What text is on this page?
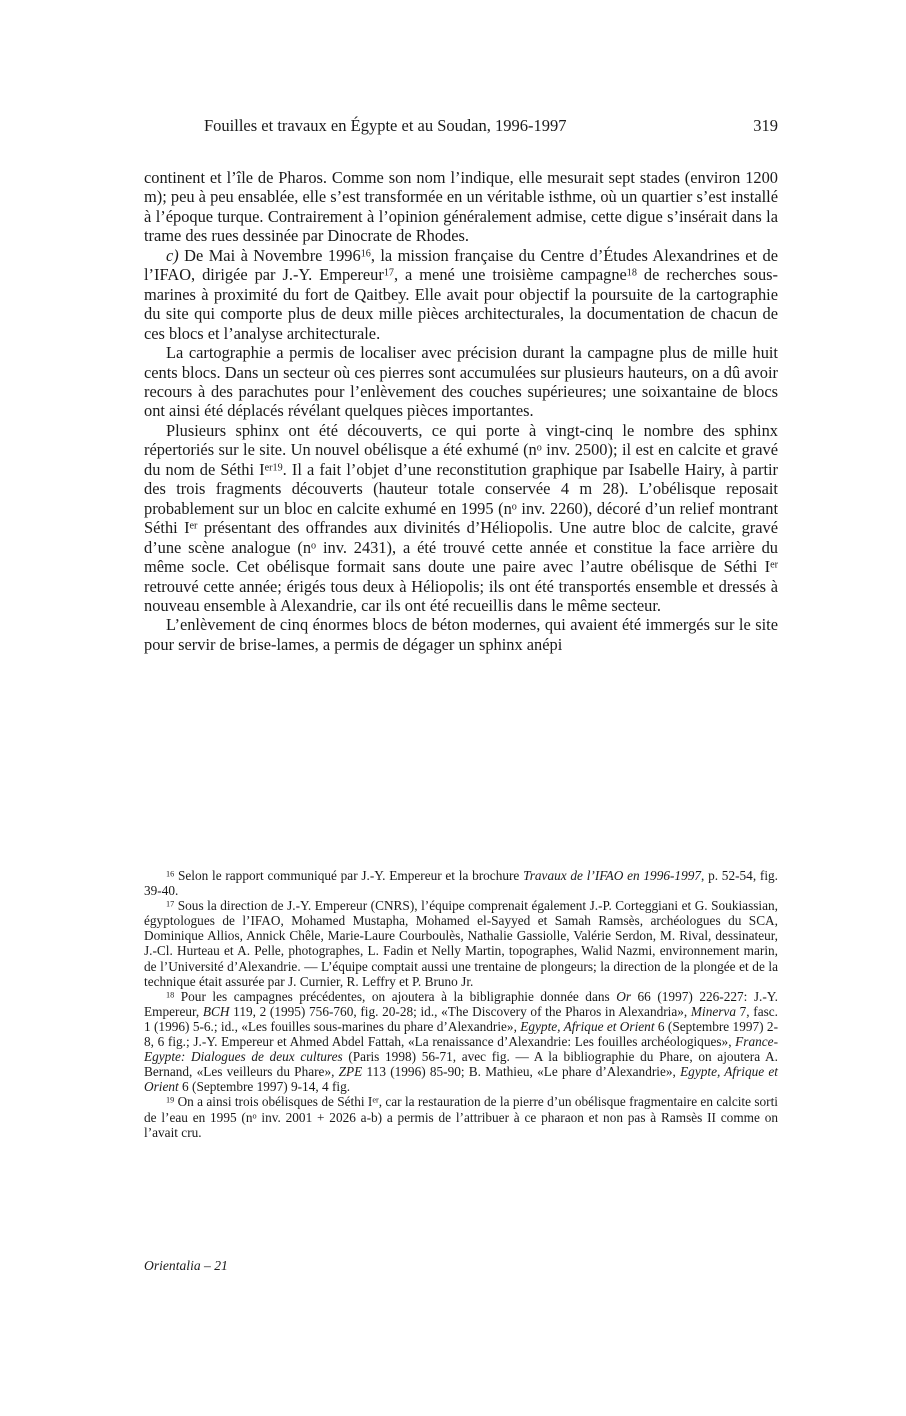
Fouilles et travaux en Égypte et au Soudan, 1996-1997	319

continent et l’île de Pharos. Comme son nom l’indique, elle mesurait sept stades (environ 1200 m); peu à peu ensablée, elle s’est transformée en un véritable isthme, où un quartier s’est installé à l’époque turque. Contrairement à l’opinion généralement admise, cette digue s’insérait dans la trame des rues dessinée par Dinocrate de Rhodes.

c) De Mai à Novembre 1996$^{16}$, la mission française du Centre d’Études Alexandrines et de l’IFAO, dirigée par J.-Y. Empereur$^{17}$, a mené une troisième campagne$^{18}$ de recherches sous-marines à proximité du fort de Qaitbey. Elle avait pour objectif la poursuite de la cartographie du site qui comporte plus de deux mille pièces architecturales, la documentation de chacun de ces blocs et l’analyse architecturale.

La cartographie a permis de localiser avec précision durant la campagne plus de mille huit cents blocs. Dans un secteur où ces pierres sont accumulées sur plusieurs hauteurs, on a dû avoir recours à des parachutes pour l’enlèvement des couches supérieures; une soixantaine de blocs ont ainsi été déplacés révélant quelques pièces importantes.

Plusieurs sphinx ont été découverts, ce qui porte à vingt-cinq le nombre des sphinx répertoriés sur le site. Un nouvel obélisque a été exhumé ($n^o$ inv. 2500); il est en calcite et gravé du nom de Séthi $I^{er19}$. Il a fait l’objet d’une reconstitution graphique par Isabelle Hairy, à partir des trois fragments découverts (hauteur totale conservée 4 m 28). L’obélisque reposait probablement sur un bloc en calcite exhumé en 1995 ($n^o$ inv. 2260), décoré d’un relief montrant Séthi Ier présentant des offrandes aux divinités d’Héliopolis. Une autre bloc de calcite, gravé d’une scène analogue ($n^o$ inv. 2431), a été trouvé cette année et constitue la face arrière du même socle. Cet obélisque formait sans doute une paire avec l’autre obélisque de Séthi Ier retrouvé cette année; érigés tous deux à Héliopolis; ils ont été transportés ensemble et dressés à nouveau ensemble à Alexandrie, car ils ont été recueillis dans le même secteur.

L’enlèvement de cinq énormes blocs de béton modernes, qui avaient été immergés sur le site pour servir de brise-lames, a permis de dégager un sphinx anépi

$^{16}$ Selon le rapport communiqué par J.-Y. Empereur et la brochure Travaux de l’IFAO en 1996-1997, p. 52-54, fig. 39-40.

$^{17}$ Sous la direction de J.-Y. Empereur (CNRS), l’équipe comprenait également J.-P. Corteggiani et G. Soukiassian, égyptologues de l’IFAO, Mohamed Mustapha, Mohamed el-Sayyed et Samah Ramsès, archéologues du SCA, Dominique Allios, Annick Chêle, Marie-Laure Courboulès, Nathalie Gassiolle, Valérie Serdon, M. Rival, dessinateur, J.-Cl. Hurteau et A. Pelle, photographes, L. Fadin et Nelly Martin, topographes, Walid Nazmi, environnement marin, de l’Université d’Alexandrie. — L’équipe comptait aussi une trentaine de plongeurs; la direction de la plongée et de la technique était assurée par J. Curnier, R. Leffry et P. Bruno Jr.

$^{18}$ Pour les campagnes précédentes, on ajoutera à la bibligraphie donnée dans Or 66 (1997) 226-227: J.-Y. Empereur, BCH 119, 2 (1995) 756-760, fig. 20-28; id., «The Discovery of the Pharos in Alexandria», Minerva 7, fasc. 1 (1996) 5-6.; id., «Les fouilles sous-marines du phare d’Alexandrie», Egypte, Afrique et Orient 6 (Septembre 1997) 2-8, 6 fig.; J.-Y. Empereur et Ahmed Abdel Fattah, «La renaissance d’Alexandrie: Les fouilles archéologiques», France-Egypte: Dialogues de deux cultures (Paris 1998) 56-71, avec fig. — A la bibliographie du Phare, on ajoutera A. Bernand, «Les veilleurs du Phare», ZPE 113 (1996) 85-90; B. Mathieu, «Le phare d’Alexandrie», Egypte, Afrique et Orient 6 (Septembre 1997) 9-14, 4 fig.

$^{19}$ On a ainsi trois obélisques de Séthi Ier, car la restauration de la pierre d’un obélisque fragmentaire en calcite sorti de l’eau en 1995 ($n^o$ inv. 2001 + 2026 a-b) a permis de l’attribuer à ce pharaon et non pas à Ramsès II comme on l’avait cru.

Orientalia – 21
